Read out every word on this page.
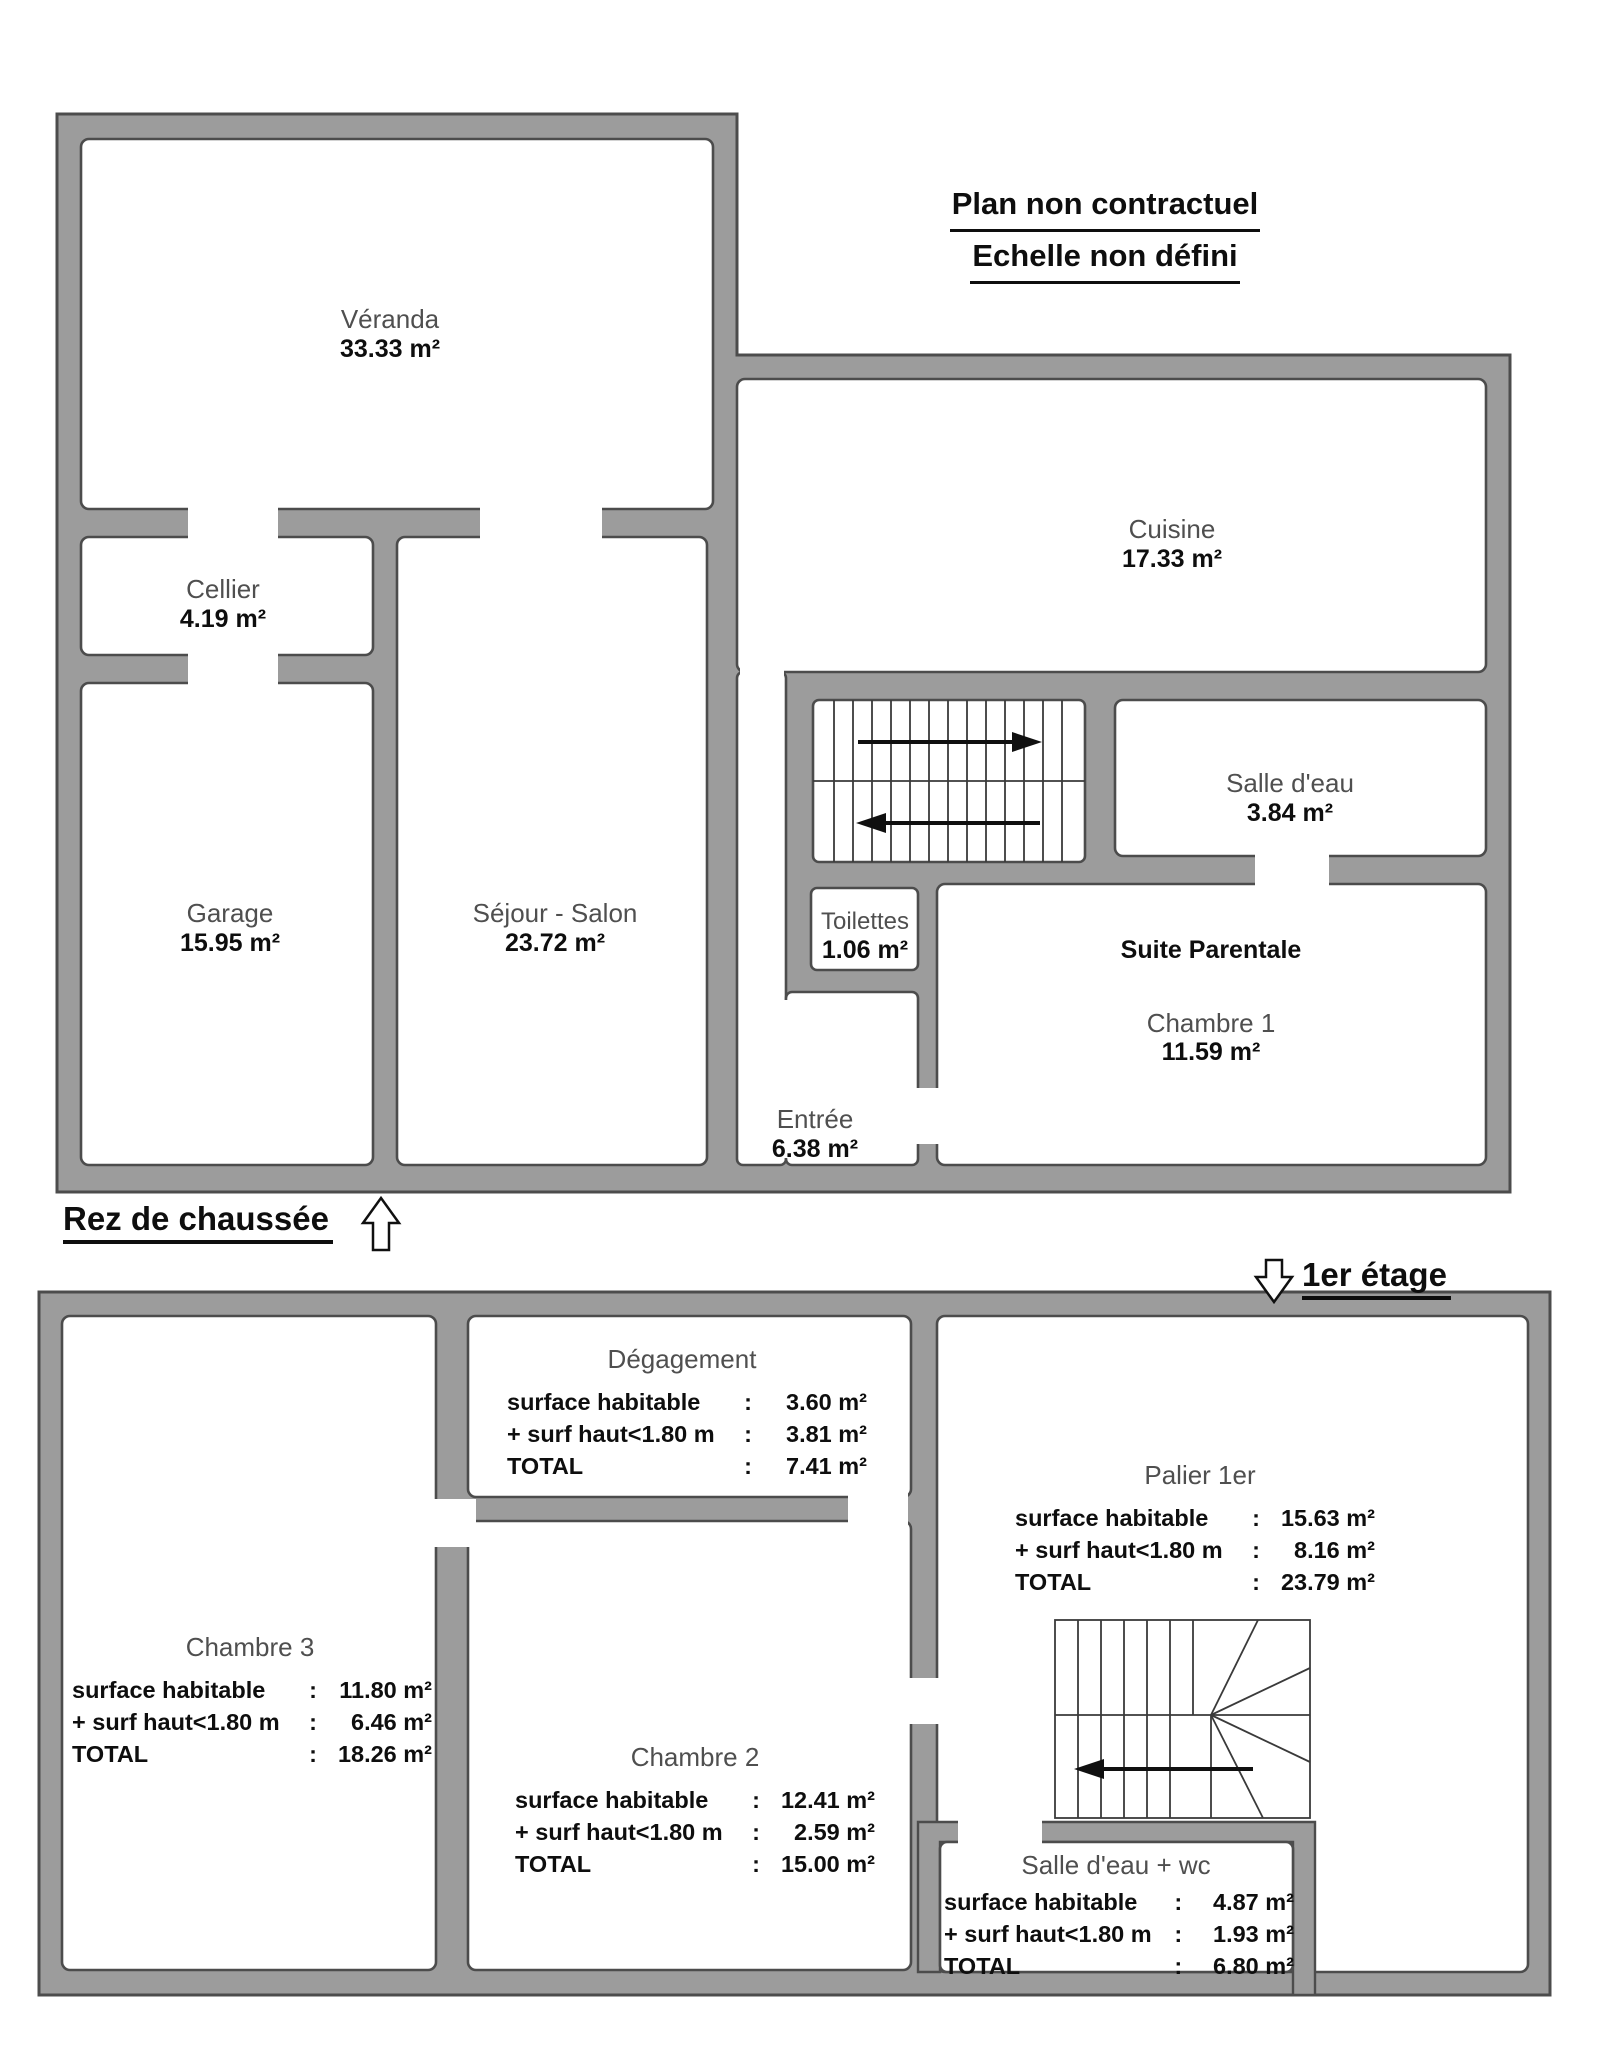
Plan non contractuel
Echelle non défini
Véranda
33.33 m²
Cellier
4.19 m²
Garage
15.95 m²
Séjour - Salon
23.72 m²
Cuisine
17.33 m²
Salle d'eau
3.84 m²
Toilettes
1.06 m²	Suite Parentale
Chambre 1
11.59 m²
Entrée
6.38 m²
Rez de chaussée
1er étage
Dégagement
surface habitable	:	3.60 m²
+ surf haut<1.80 m	:	3.81 m²
TOTAL	:	7.41 m²	Palier 1er
surface habitable	: 15.63 m²
+ surf haut<1.80 m	:	8.16 m²
TOTAL	: 23.79 m²
Chambre 3
surface habitable	: 11.80 m²
+ surf haut<1.80 m	:	6.46 m²
TOTAL	: 18.26 m²	Chambre 2
surface habitable	: 12.41 m²
+ surf haut<1.80 m	:	2.59 m²
TOTAL	: 15.00 m²	Salle d'eau + wc
surface habitable	:	4.87 m²
+ surf haut<1.80 m :	1.93 m²
TOTAL	:	6.80 m²
